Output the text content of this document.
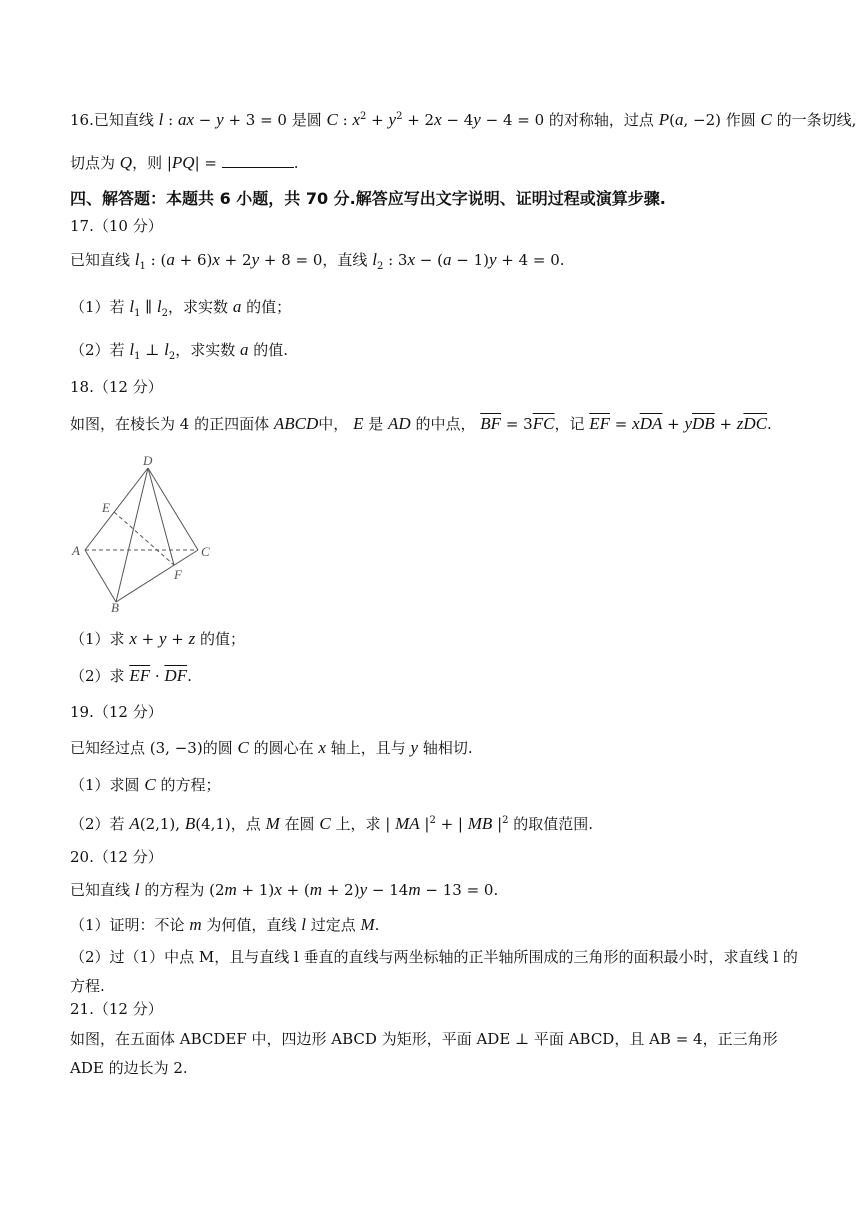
16.已知直线 l : ax − y + 3 = 0 是圆 C : $x^2 + y^2 + 2x - 4y - 4 = 0$ 的对称轴，过点 P(a, −2) 作圆 C 的一条切线,
切点为 Q，则 |PQ| =	.
四、解答题：本题共 6 小题，共 70 分.解答应写出文字说明、证明过程或演算步骤.
17.（10 分）
已知直线 $l_1$ : (a + 6)x + 2y + 8 = 0，直线 $l_2$ : 3x − (a − 1)y + 4 = 0.
（1）若 $l_1$ ∥ $l_2$，求实数 a 的值；
（2）若 $l_1$ ⊥ $l_2$，求实数 a 的值.
18.（12 分）
如图，在棱长为 4 的正四面体 ABCD中， E 是 AD 的中点， $\overline{BF} = 3\overline{FC}$，记 $\overline{EF} = x\overline{DA} + y\overline{DB} + z\overline{DC}$.
D
E
A	C
F
B
（1）求 x + y + z 的值；
（2）求 $\overline{EF} \cdot \overline{DF}$.
19.（12 分）
已知经过点 (3, −3)的圆 C 的圆心在 x 轴上，且与 y 轴相切.
（1）求圆 C 的方程；
（2）若 A(2,1), B(4,1)，点 M 在圆 C 上，求 | MA $|^2$ + | MB $|^2$ 的取值范围.
20.（12 分）
已知直线 l 的方程为 (2m + 1)x + (m + 2)y − 14m − 13 = 0.
（1）证明：不论 m 为何值，直线 l 过定点 M.
（2）过（1）中点 M，且与直线 l 垂直的直线与两坐标轴的正半轴所围成的三角形的面积最小时，求直线 l 的方程.
21.（12 分）
如图，在五面体 ABCDEF 中，四边形 ABCD 为矩形，平面 ADE ⊥ 平面 ABCD，且 AB = 4，正三角形 ADE 的边长为 2.
